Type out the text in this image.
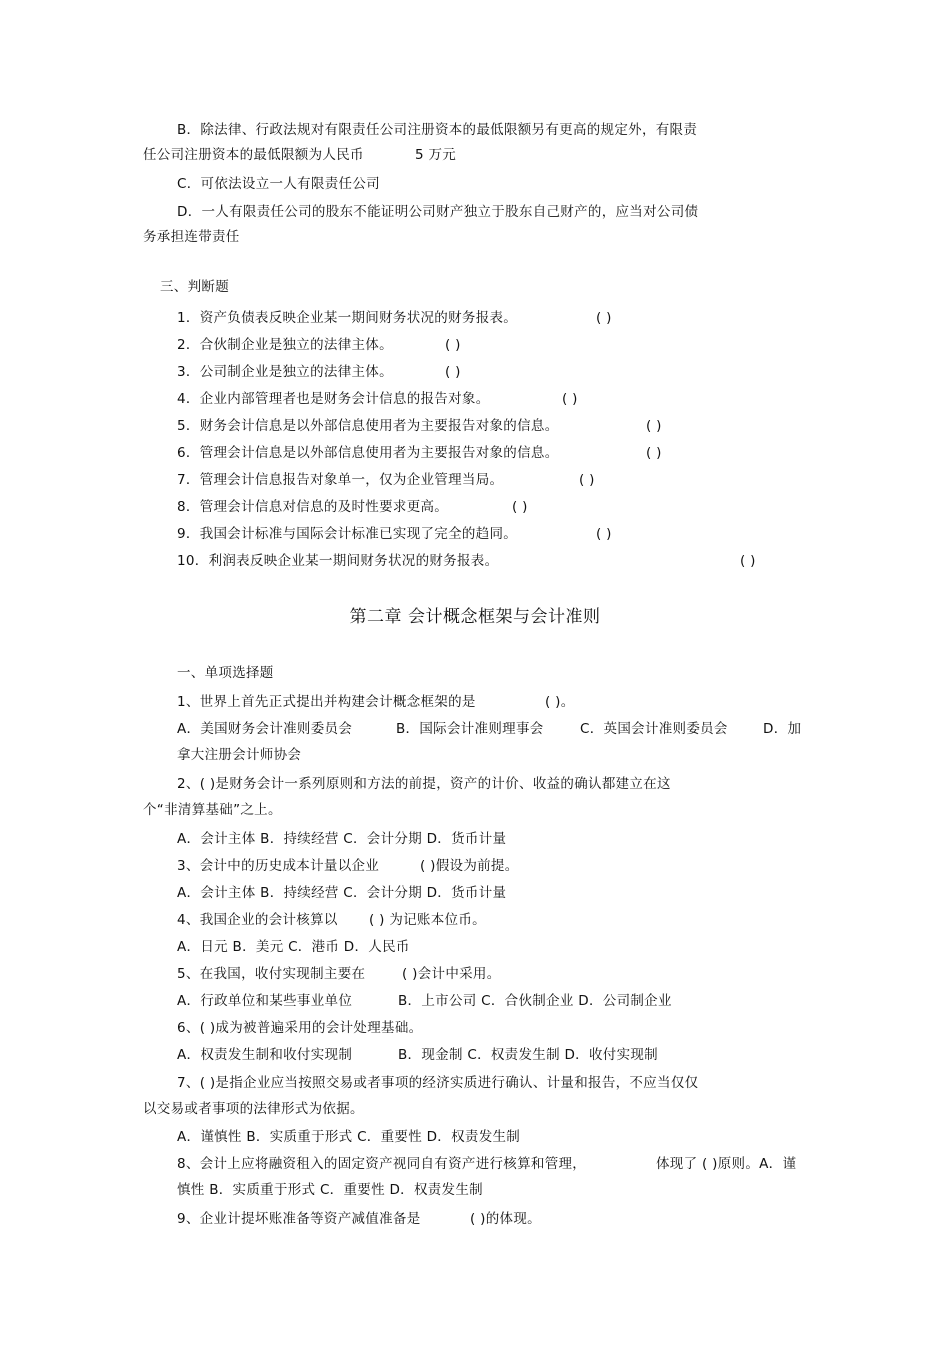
B．除法律、行政法规对有限责任公司注册资本的最低限额另有更高的规定外，有限责
任公司注册资本的最低限额为人民币	5 万元
C．可依法设立一人有限责任公司
D．一人有限责任公司的股东不能证明公司财产独立于股东自己财产的，应当对公司债
务承担连带责任
三、判断题
1．资产负债表反映企业某一期间财务状况的财务报表。	( )
2．合伙制企业是独立的法律主体。	( )
3．公司制企业是独立的法律主体。	( )
4．企业内部管理者也是财务会计信息的报告对象。	( )
5．财务会计信息是以外部信息使用者为主要报告对象的信息。	( )
6．管理会计信息是以外部信息使用者为主要报告对象的信息。	( )
7．管理会计信息报告对象单一，仅为企业管理当局。	( )
8．管理会计信息对信息的及时性要求更高。	( )
9．我国会计标准与国际会计标准已实现了完全的趋同。	( )
10．利润表反映企业某一期间财务状况的财务报表。	( )
第二章 会计概念框架与会计准则
一、单项选择题
1、世界上首先正式提出并构建会计概念框架的是	( )。
A．美国财务会计准则委员会	B．国际会计准则理事会	C．英国会计准则委员会	D．加
拿大注册会计师协会
2、( )是财务会计一系列原则和方法的前提，资产的计价、收益的确认都建立在这
个“非清算基础”之上。
A．会计主体 B．持续经营 C．会计分期 D．货币计量
3、会计中的历史成本计量以企业	( )假设为前提。
A．会计主体 B．持续经营 C．会计分期 D．货币计量
4、我国企业的会计核算以 ( ) 为记账本位币。
A．日元 B．美元 C．港币 D．人民币
5、在我国，收付实现制主要在	( )会计中采用。
A．行政单位和某些事业单位	B．上市公司 C．合伙制企业 D．公司制企业
6、( )成为被普遍采用的会计处理基础。
A．权责发生制和收付实现制	B．现金制 C．权责发生制 D．收付实现制
7、( )是指企业应当按照交易或者事项的经济实质进行确认、计量和报告，不应当仅仅
以交易或者事项的法律形式为依据。
A．谨慎性 B．实质重于形式 C．重要性 D．权责发生制
8、会计上应将融资租入的固定资产视同自有资产进行核算和管理，	体现了 ( )原则。A．谨
慎性 B．实质重于形式 C．重要性 D．权责发生制
9、企业计提坏账准备等资产减值准备是	( )的体现。
